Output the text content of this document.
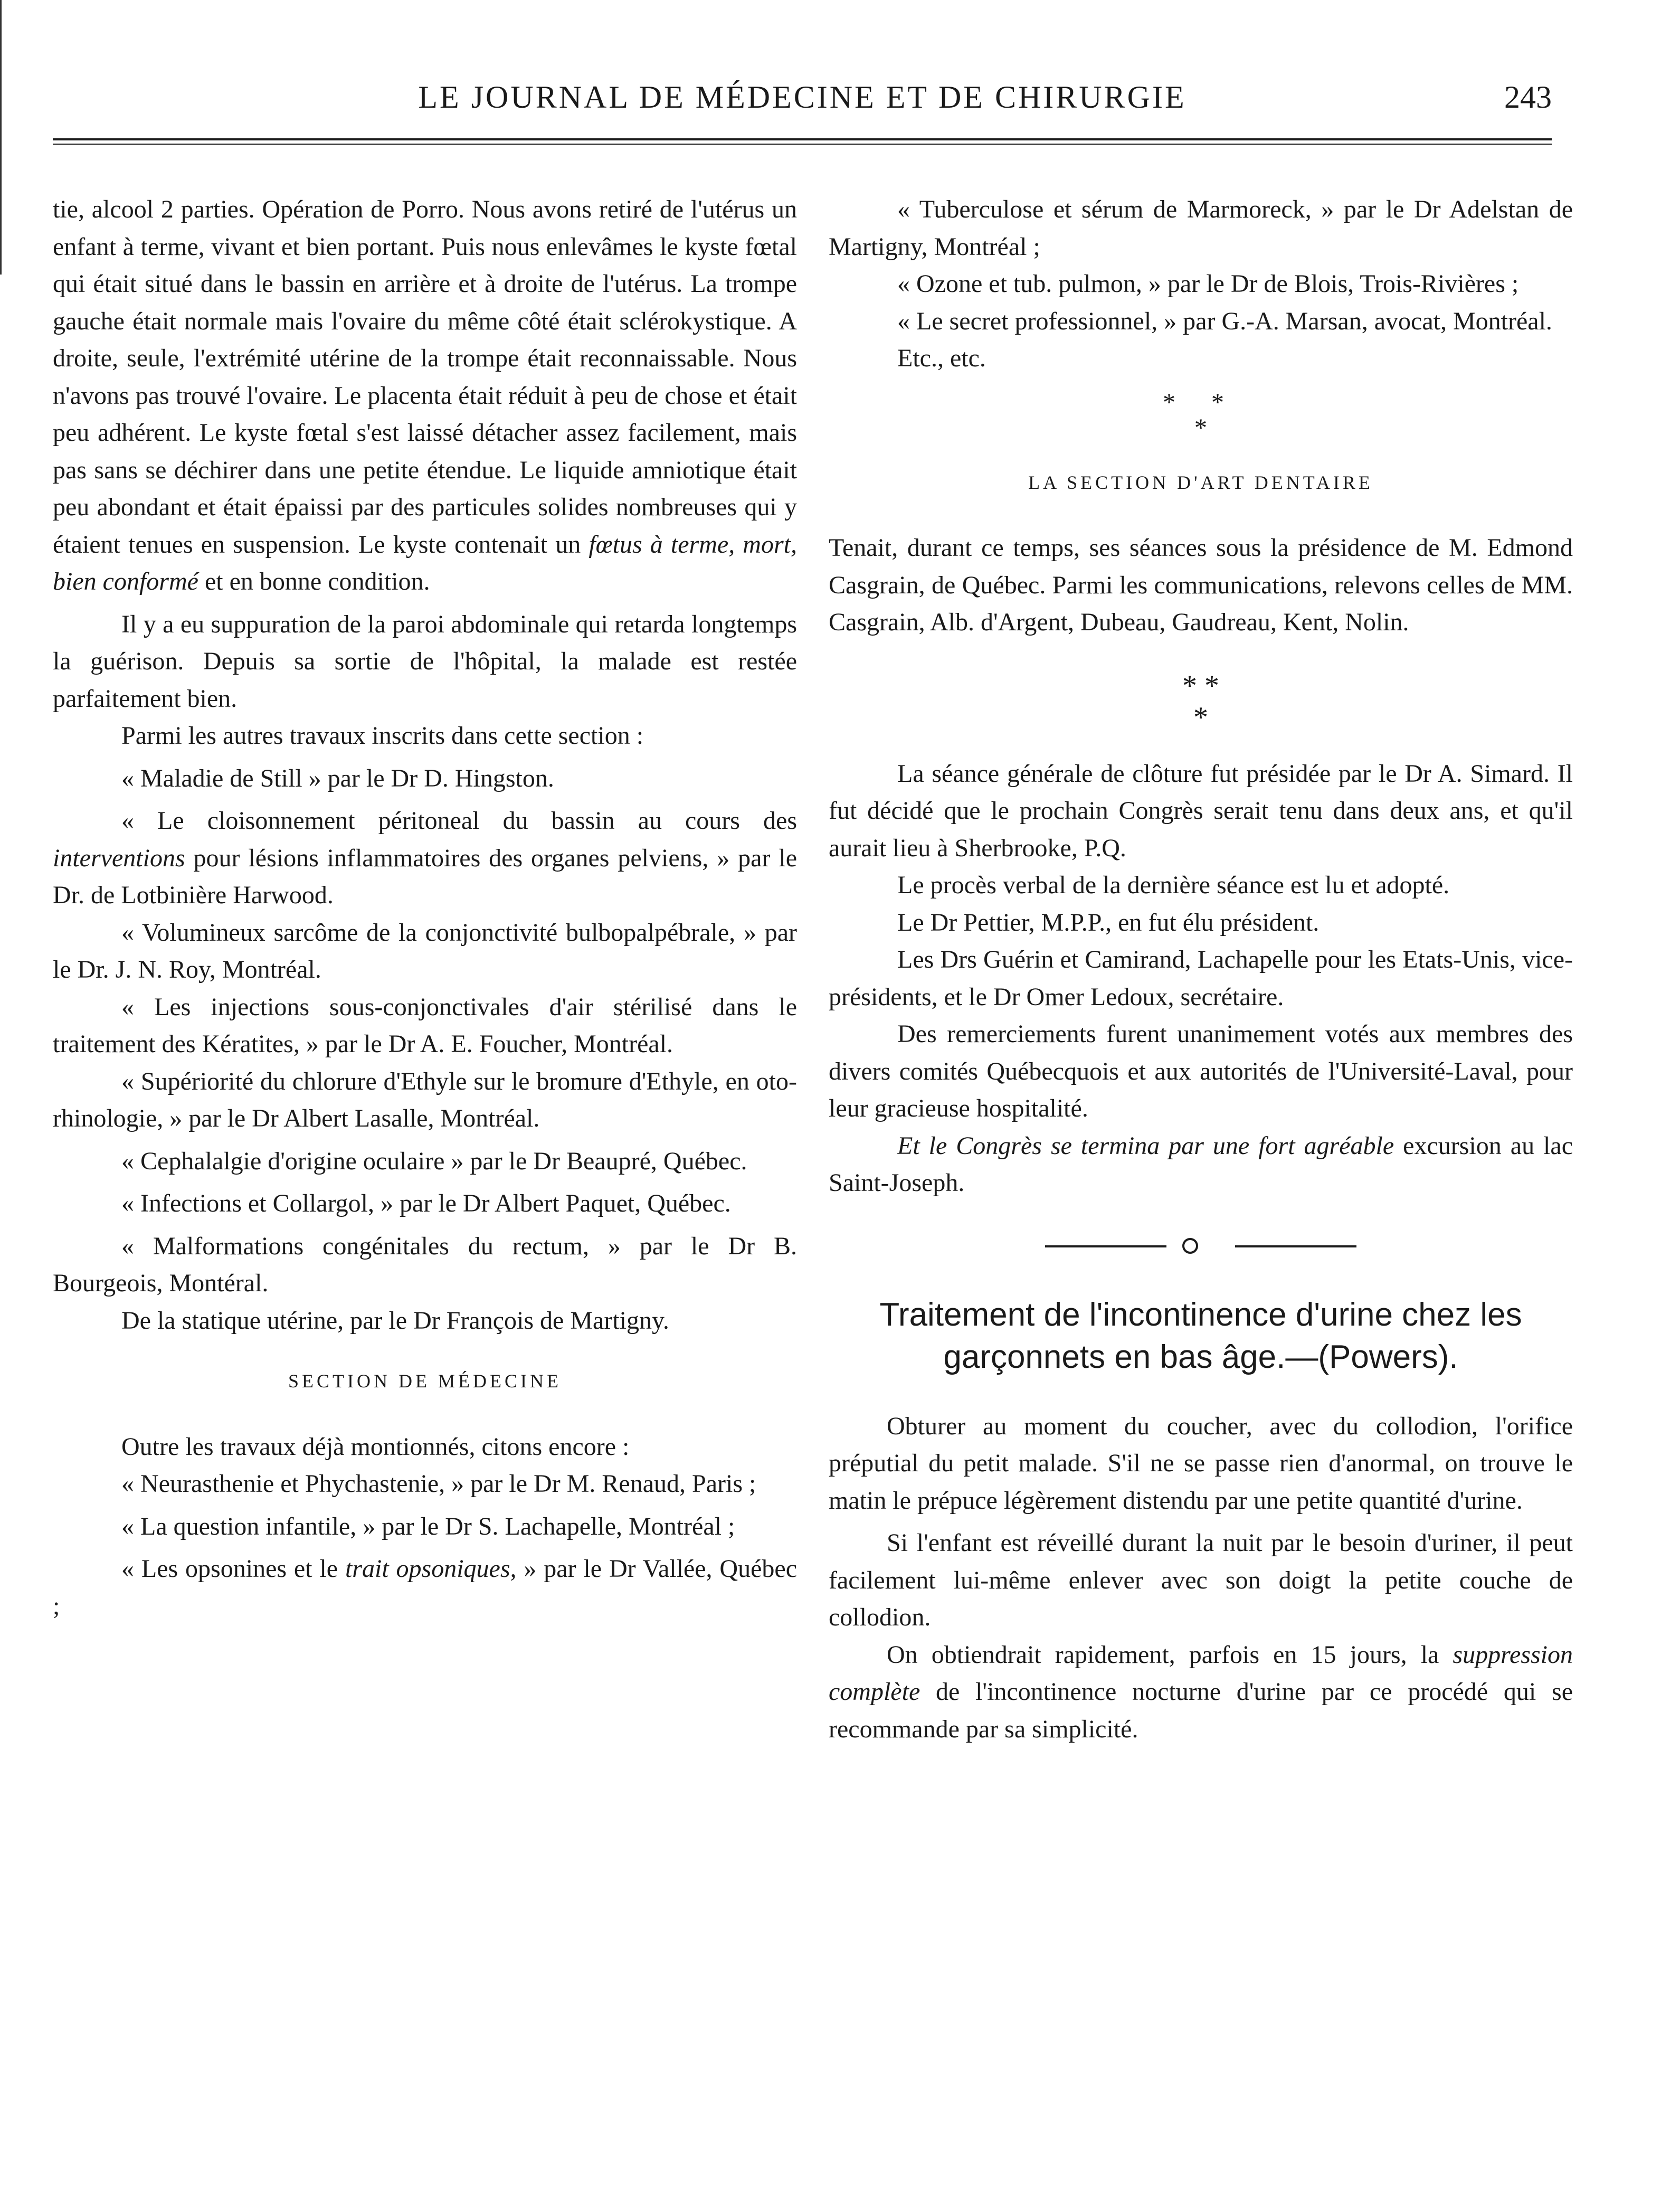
LE JOURNAL DE MÉDECINE ET DE CHIRURGIE	243

tie, alcool 2 parties. Opération de Porro. Nous avons retiré de l'utérus un enfant à terme, vivant et bien portant. Puis nous enlevâmes le kyste fœtal qui était situé dans le bassin en arrière et à droite de l'utérus. La trompe gauche était normale mais l'ovaire du même côté était sclérokystique. A droite, seule, l'extrémité utérine de la trompe était reconnaissable. Nous n'avons pas trouvé l'ovaire. Le placenta était réduit à peu de chose et était peu adhérent. Le kyste fœtal s'est laissé détacher assez facilement, mais pas sans se déchirer dans une petite étendue. Le liquide amniotique était peu abondant et était épaissi par des particules solides nombreuses qui y étaient tenues en suspension. Le kyste contenait un fœtus à terme, mort, bien conformé et en bonne condition.

Il y a eu suppuration de la paroi abdominale qui retarda longtemps la guérison. Depuis sa sortie de l'hôpital, la malade est restée parfaitement bien.

Parmi les autres travaux inscrits dans cette section :

« Maladie de Still » par le Dr D. Hingston.

« Le cloisonnement péritoneal du bassin au cours des interventions pour lésions inflammatoires des organes pelviens, » par le Dr. de Lotbinière Harwood.

« Volumineux sarcôme de la conjonctivité bulbopalpébrale, » par le Dr. J. N. Roy, Montréal.

« Les injections sous-conjonctivales d'air stérilisé dans le traitement des Kératites, » par le Dr A. E. Foucher, Montréal.

« Supériorité du chlorure d'Ethyle sur le bromure d'Ethyle, en oto-rhinologie, » par le Dr Albert Lasalle, Montréal.

« Cephalalgie d'origine oculaire » par le Dr Beaupré, Québec.

« Infections et Collargol, » par le Dr Albert Paquet, Québec.

« Malformations congénitales du rectum, » par le Dr B. Bourgeois, Montéral.

De la statique utérine, par le Dr François de Martigny.

SECTION DE MÉDECINE

Outre les travaux déjà montionnés, citons encore :

« Neurasthenie et Phychastenie, » par le Dr M. Renaud, Paris ;

« La question infantile, » par le Dr S. Lachapelle, Montréal ;

« Les opsonines et le trait opsoniques, » par le Dr Vallée, Québec ;

« Tuberculose et sérum de Marmoreck, » par le Dr Adelstan de Martigny, Montréal ;

« Ozone et tub. pulmon, » par le Dr de Blois, Trois-Rivières ;

« Le secret professionnel, » par G.-A. Marsan, avocat, Montréal.

Etc., etc.

* *
*
LA SECTION D'ART DENTAIRE

Tenait, durant ce temps, ses séances sous la présidence de M. Edmond Casgrain, de Québec. Parmi les communications, relevons celles de MM. Casgrain, Alb. d'Argent, Dubeau, Gaudreau, Kent, Nolin.

* *
*

La séance générale de clôture fut présidée par le Dr A. Simard. Il fut décidé que le prochain Congrès serait tenu dans deux ans, et qu'il aurait lieu à Sherbrooke, P.Q.

Le procès verbal de la dernière séance est lu et adopté.

Le Dr Pettier, M.P.P., en fut élu président.

Les Drs Guérin et Camirand, Lachapelle pour les Etats-Unis, vice-présidents, et le Dr Omer Ledoux, secrétaire.

Des remerciements furent unanimement votés aux membres des divers comités Québecquois et aux autorités de l'Université-Laval, pour leur gracieuse hospitalité.

Et le Congrès se termina par une fort agréable excursion au lac Saint-Joseph.

Traitement de l'incontinence d'urine chez les garçonnets en bas âge.—(Powers).

Obturer au moment du coucher, avec du collodion, l'orifice préputial du petit malade. S'il ne se passe rien d'anormal, on trouve le matin le prépuce légèrement distendu par une petite quantité d'urine.

Si l'enfant est réveillé durant la nuit par le besoin d'uriner, il peut facilement lui-même enlever avec son doigt la petite couche de collodion.

On obtiendrait rapidement, parfois en 15 jours, la suppression complète de l'incontinence nocturne d'urine par ce procédé qui se recommande par sa simplicité.
